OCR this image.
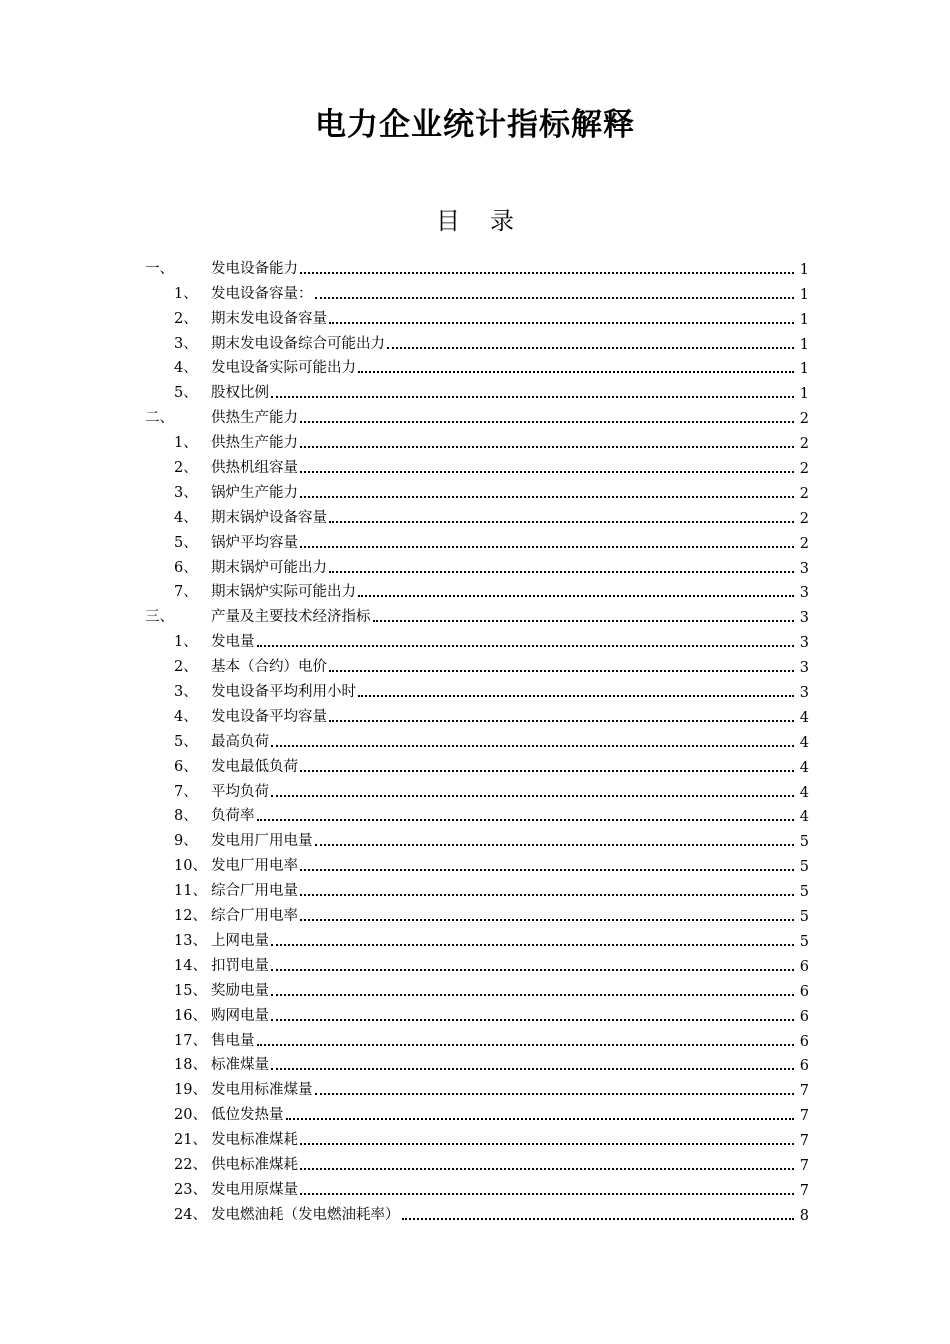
电力企业统计指标解释
目 录
一、	发电设备能力	1
1、 发电设备容量：	1
2、 期末发电设备容量	1
3、 期末发电设备综合可能出力	1
4、 发电设备实际可能出力	1
5、 股权比例	1
二、	供热生产能力	2
1、 供热生产能力	2
2、 供热机组容量	2
3、 锅炉生产能力	2
4、 期末锅炉设备容量	2
5、 锅炉平均容量	2
6、 期末锅炉可能出力	3
7、 期末锅炉实际可能出力	3
三、	产量及主要技术经济指标	3
1、 发电量	3
2、 基本（合约）电价	3
3、 发电设备平均利用小时	3
4、 发电设备平均容量	4
5、 最高负荷	4
6、 发电最低负荷	4
7、 平均负荷	4
8、 负荷率	4
9、 发电用厂用电量	5
10、 发电厂用电率	5
11、 综合厂用电量	5
12、 综合厂用电率	5
13、 上网电量	5
14、 扣罚电量	6
15、 奖励电量	6
16、 购网电量	6
17、 售电量	6
18、 标准煤量	6
19、 发电用标准煤量	7
20、 低位发热量	7
21、 发电标准煤耗	7
22、 供电标准煤耗	7
23、 发电用原煤量	7
24、 发电燃油耗（发电燃油耗率）	8
